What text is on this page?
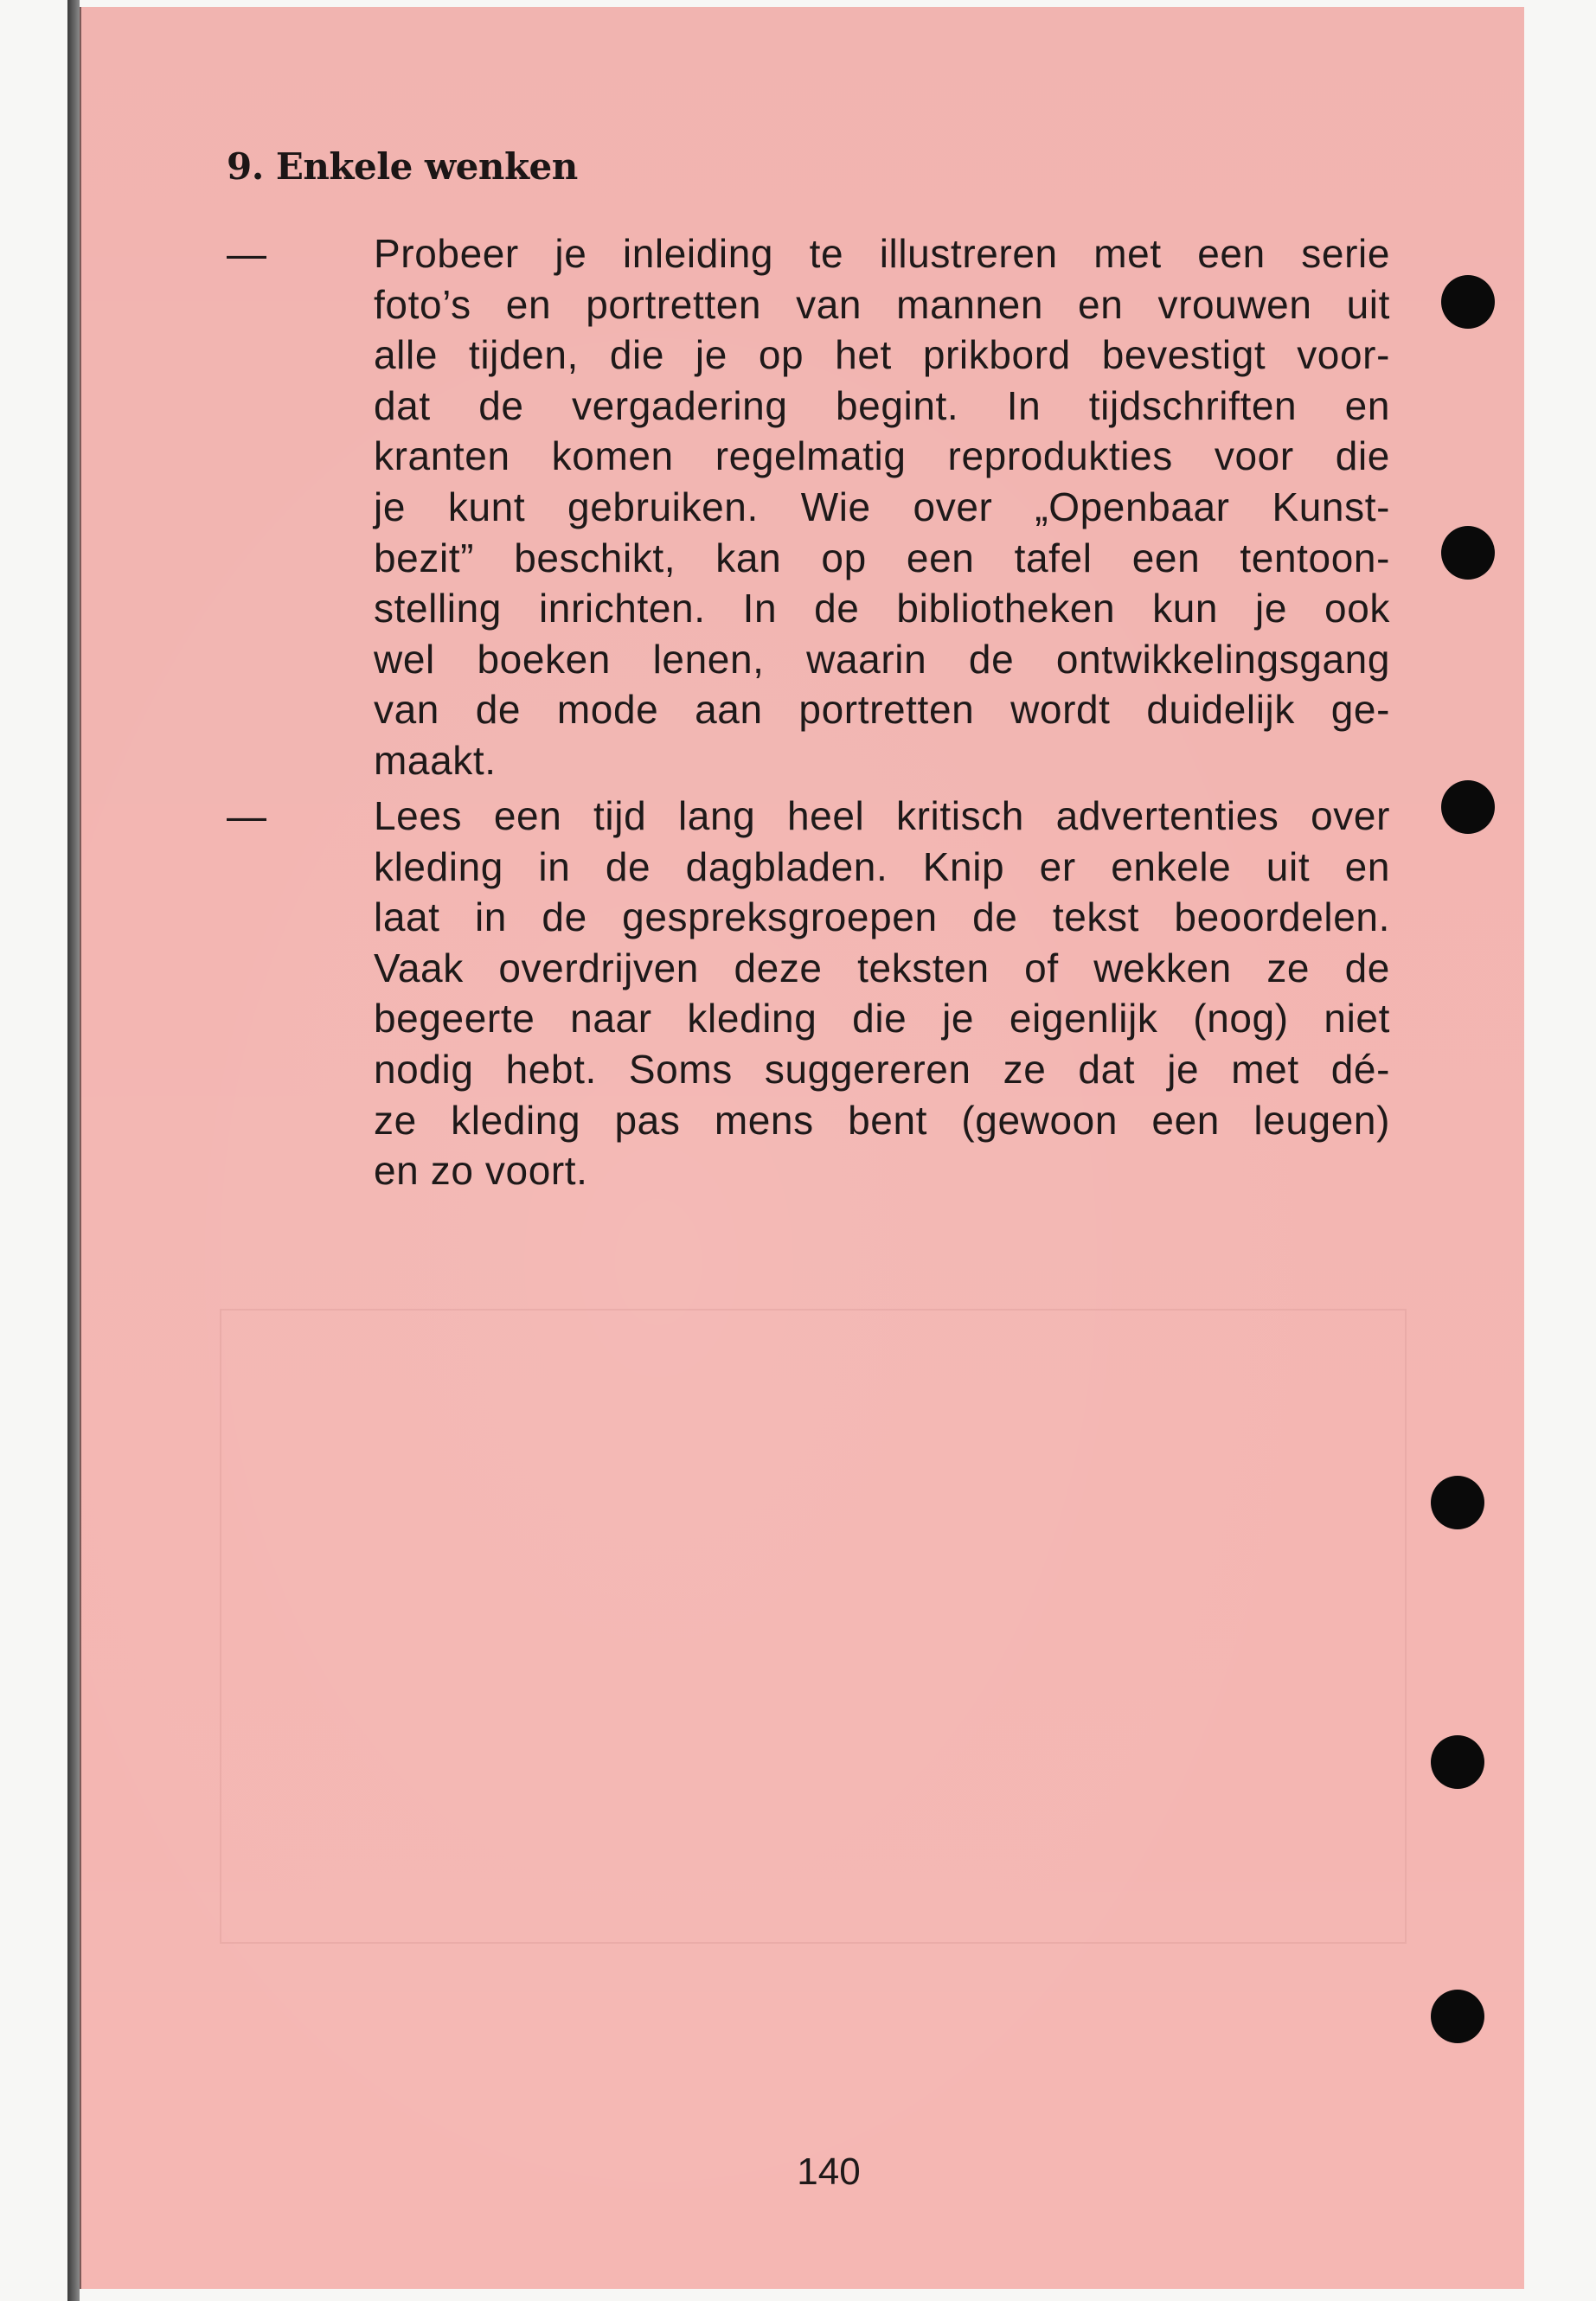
9. Enkele wenken
—	Probeer je inleiding te illustreren met een serie
foto’s en portretten van mannen en vrouwen uit
alle tijden, die je op het prikbord bevestigt voor-
dat de vergadering begint. In tijdschriften en
kranten komen regelmatig reprodukties voor die
je kunt gebruiken. Wie over „Openbaar Kunst-
bezit” beschikt, kan op een tafel een tentoon-
stelling inrichten. In de bibliotheken kun je ook
wel boeken lenen, waarin de ontwikkelingsgang
van de mode aan portretten wordt duidelijk ge-
maakt.
—	Lees een tijd lang heel kritisch advertenties over
kleding in de dagbladen. Knip er enkele uit en
laat in de gespreksgroepen de tekst beoordelen.
Vaak overdrijven deze teksten of wekken ze de
begeerte naar kleding die je eigenlijk (nog) niet
nodig hebt. Soms suggereren ze dat je met dé-
ze kleding pas mens bent (gewoon een leugen)
en zo voort.
140
